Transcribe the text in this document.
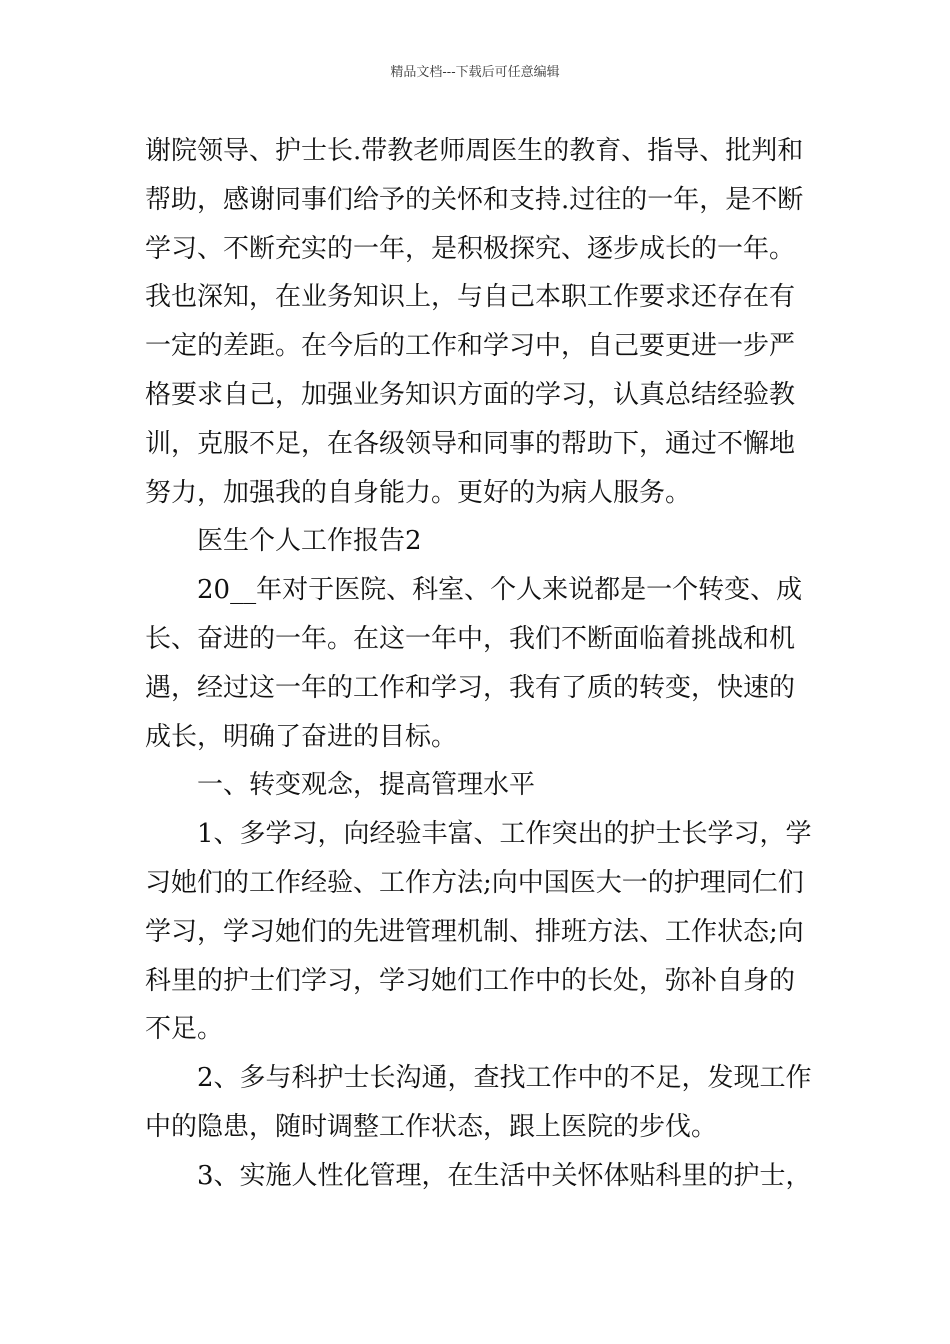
精品文档---下载后可任意编辑
谢院领导、护士长.带教老师周医生的教育、指导、批判和
帮助，感谢同事们给予的关怀和支持.过往的一年，是不断
学习、不断充实的一年，是积极探究、逐步成长的一年。
我也深知，在业务知识上，与自己本职工作要求还存在有
一定的差距。在今后的工作和学习中，自己要更进一步严
格要求自己，加强业务知识方面的学习，认真总结经验教
训，克服不足，在各级领导和同事的帮助下，通过不懈地
努力，加强我的自身能力。更好的为病人服务。
　　医生个人工作报告2
　　20__年对于医院、科室、个人来说都是一个转变、成
长、奋进的一年。在这一年中，我们不断面临着挑战和机
遇，经过这一年的工作和学习，我有了质的转变，快速的
成长，明确了奋进的目标。
　　一、转变观念，提高管理水平
　　1、多学习，向经验丰富、工作突出的护士长学习，学
习她们的工作经验、工作方法;向中国医大一的护理同仁们
学习，学习她们的先进管理机制、排班方法、工作状态;向
科里的护士们学习，学习她们工作中的长处，弥补自身的
不足。
　　2、多与科护士长沟通，查找工作中的不足，发现工作
中的隐患，随时调整工作状态，跟上医院的步伐。
　　3、实施人性化管理，在生活中关怀体贴科里的护士，
